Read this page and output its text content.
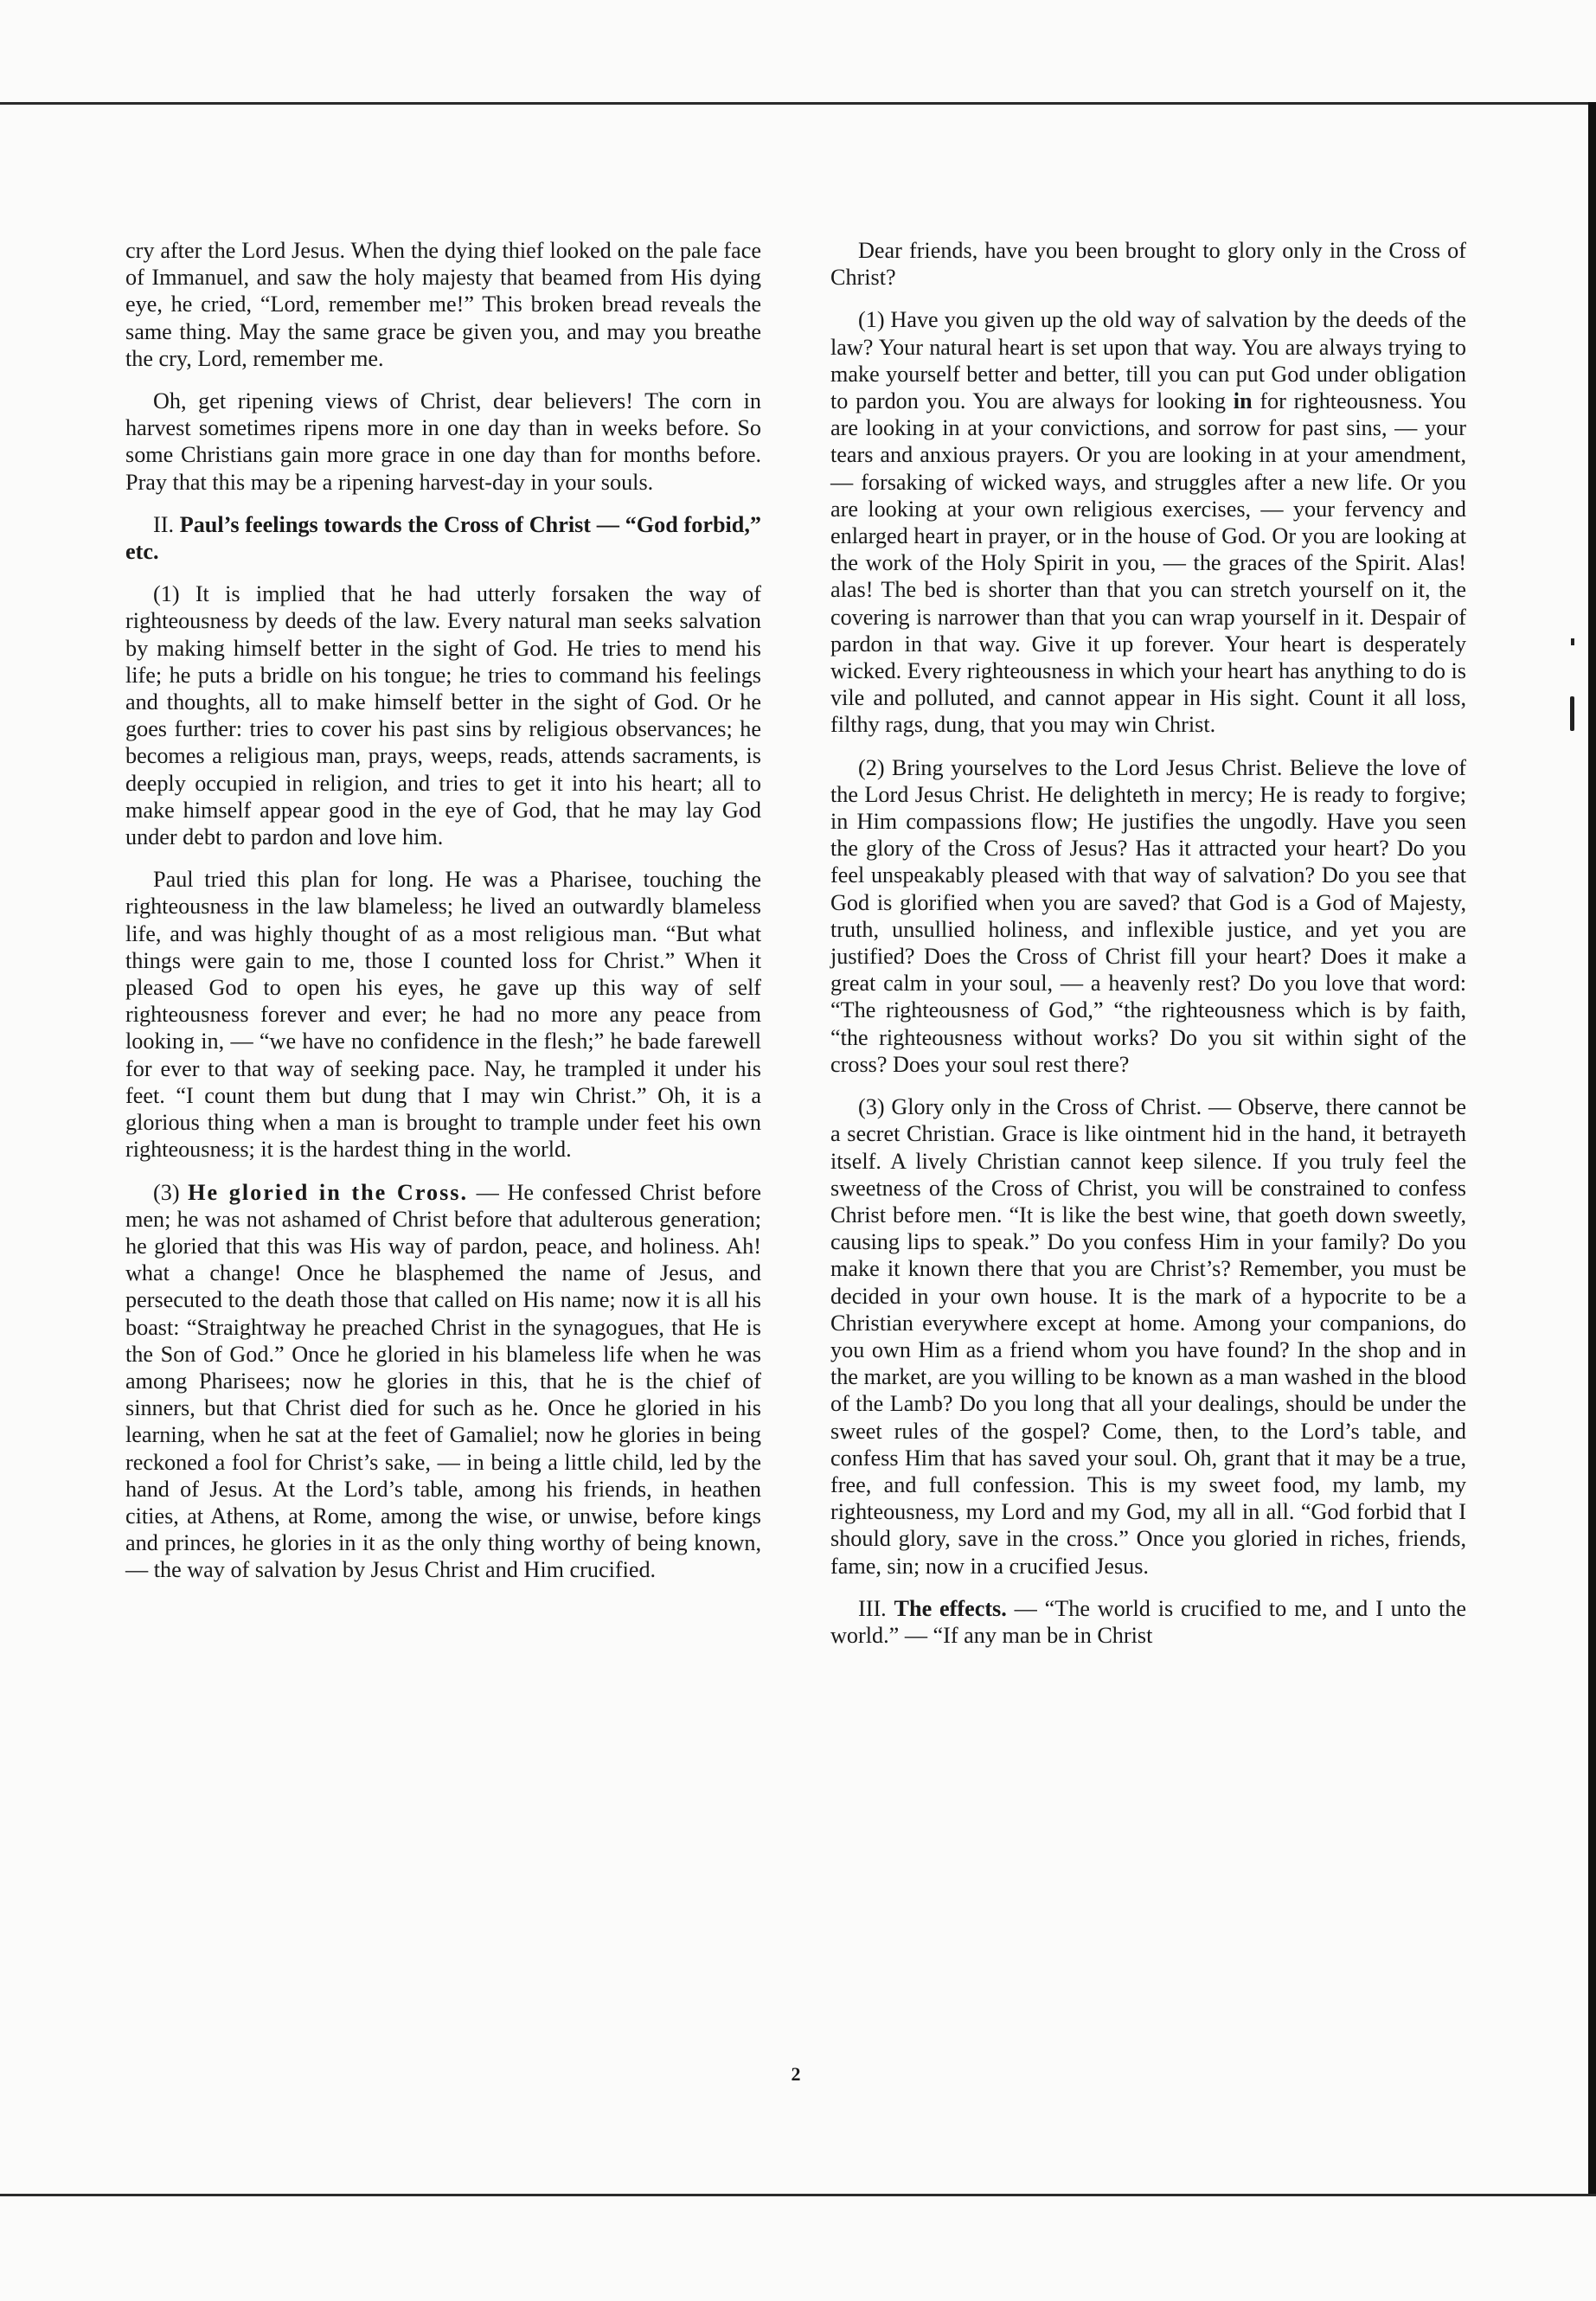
cry after the Lord Jesus. When the dying thief looked on the pale face of Immanuel, and saw the holy majesty that beamed from His dying eye, he cried, “Lord, remember me!” This broken bread reveals the same thing. May the same grace be given you, and may you breathe the cry, Lord, remember me.

Oh, get ripening views of Christ, dear believers! The corn in harvest sometimes ripens more in one day than in weeks before. So some Christians gain more grace in one day than for months before. Pray that this may be a ripening harvest-day in your souls.

II. Paul’s feelings towards the Cross of Christ — “God forbid,” etc.

(1) It is implied that he had utterly forsaken the way of righteousness by deeds of the law. Every natural man seeks salvation by making himself better in the sight of God. He tries to mend his life; he puts a bridle on his tongue; he tries to command his feelings and thoughts, all to make himself better in the sight of God. Or he goes further: tries to cover his past sins by religious observances; he becomes a religious man, prays, weeps, reads, attends sacraments, is deeply occupied in religion, and tries to get it into his heart; all to make himself appear good in the eye of God, that he may lay God under debt to pardon and love him.

Paul tried this plan for long. He was a Pharisee, touching the righteousness in the law blameless; he lived an outwardly blameless life, and was highly thought of as a most religious man. “But what things were gain to me, those I counted loss for Christ.” When it pleased God to open his eyes, he gave up this way of self righteousness forever and ever; he had no more any peace from looking in, — “we have no confidence in the flesh;” he bade farewell for ever to that way of seeking pace. Nay, he trampled it under his feet. “I count them but dung that I may win Christ.” Oh, it is a glorious thing when a man is brought to trample under feet his own righteousness; it is the hardest thing in the world.

(3) He gloried in the Cross. — He confessed Christ before men; he was not ashamed of Christ before that adulterous generation; he gloried that this was His way of pardon, peace, and holiness. Ah! what a change! Once he blasphemed the name of Jesus, and persecuted to the death those that called on His name; now it is all his boast: “Straightway he preached Christ in the synagogues, that He is the Son of God.” Once he gloried in his blameless life when he was among Pharisees; now he glories in this, that he is the chief of sinners, but that Christ died for such as he. Once he gloried in his learning, when he sat at the feet of Gamaliel; now he glories in being reckoned a fool for Christ’s sake, — in being a little child, led by the hand of Jesus. At the Lord’s table, among his friends, in heathen cities, at Athens, at Rome, among the wise, or unwise, before kings and princes, he glories in it as the only thing worthy of being known, — the way of salvation by Jesus Christ and Him crucified.

Dear friends, have you been brought to glory only in the Cross of Christ?

(1) Have you given up the old way of salvation by the deeds of the law? Your natural heart is set upon that way. You are always trying to make yourself better and better, till you can put God under obligation to pardon you. You are always for looking in for righteousness. You are looking in at your convictions, and sorrow for past sins, — your tears and anxious prayers. Or you are looking in at your amendment, — forsaking of wicked ways, and struggles after a new life. Or you are looking at your own religious exercises, — your fervency and enlarged heart in prayer, or in the house of God. Or you are looking at the work of the Holy Spirit in you, — the graces of the Spirit. Alas! alas! The bed is shorter than that you can stretch yourself on it, the covering is narrower than that you can wrap yourself in it. Despair of pardon in that way. Give it up forever. Your heart is desperately wicked. Every righteousness in which your heart has anything to do is vile and polluted, and cannot appear in His sight. Count it all loss, filthy rags, dung, that you may win Christ.

(2) Bring yourselves to the Lord Jesus Christ. Believe the love of the Lord Jesus Christ. He delighteth in mercy; He is ready to forgive; in Him compassions flow; He justifies the ungodly. Have you seen the glory of the Cross of Jesus? Has it attracted your heart? Do you feel unspeakably pleased with that way of salvation? Do you see that God is glorified when you are saved? that God is a God of Majesty, truth, unsullied holiness, and inflexible justice, and yet you are justified? Does the Cross of Christ fill your heart? Does it make a great calm in your soul, — a heavenly rest? Do you love that word: “The righteousness of God,” “the righteousness which is by faith, “the righteousness without works? Do you sit within sight of the cross? Does your soul rest there?

(3) Glory only in the Cross of Christ. — Observe, there cannot be a secret Christian. Grace is like ointment hid in the hand, it betrayeth itself. A lively Christian cannot keep silence. If you truly feel the sweetness of the Cross of Christ, you will be constrained to confess Christ before men. “It is like the best wine, that goeth down sweetly, causing lips to speak.” Do you confess Him in your family? Do you make it known there that you are Christ’s? Remember, you must be decided in your own house. It is the mark of a hypocrite to be a Christian everywhere except at home. Among your companions, do you own Him as a friend whom you have found? In the shop and in the market, are you willing to be known as a man washed in the blood of the Lamb? Do you long that all your dealings, should be under the sweet rules of the gospel? Come, then, to the Lord’s table, and confess Him that has saved your soul. Oh, grant that it may be a true, free, and full confession. This is my sweet food, my lamb, my righteousness, my Lord and my God, my all in all. “God forbid that I should glory, save in the cross.” Once you gloried in riches, friends, fame, sin; now in a crucified Jesus.

III. The effects. — “The world is crucified to me, and I unto the world.” — “If any man be in Christ

2
